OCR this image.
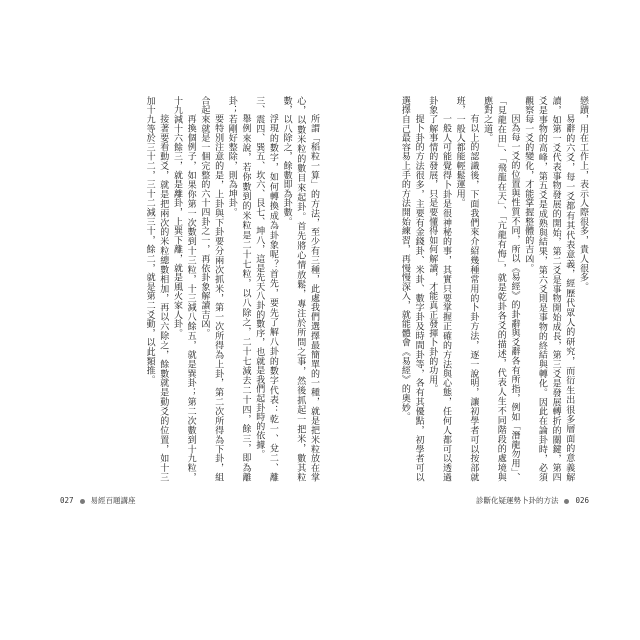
戀蹟，用在工作上，表示人際很多，貴人很多。

易辭的六爻，每一爻都有其代表意義，經歷代眾人的研究，而衍生出很多層面的意義解讀，如第一爻代表事物發展的開始，第二爻是事物開始成長，第三爻是發展轉折的關鍵，第四爻是事物的高峰，第五爻是成熟與結果，第六爻則是事物的終結與轉化。因此在論卦時，必須觀察每一爻的變化，才能掌握整體的吉凶。

因為每一爻的位置與性質不同，所以《易經》的卦辭與爻辭各有所指，例如「潛龍勿用」、「見龍在田」、「飛龍在天」、「亢龍有悔」，就是乾卦各爻的描述，代表人生不同階段的處境與應對之道。

有以上的認識後，下面我們來介紹幾種常用的卜卦方法，逐一說明，讓初學者可以按部就班，一般人都能輕鬆運用。

一般人可能覺得卜卦是很神秘的事，其實只要掌握正確的方法與心態，任何人都可以透過卦象了解事情的發展，只是要懂得如何解讀，才能真正發揮卜卦的功用。

提卜卦的方法很多，主要有金錢卦、米卦、數字卦及時間卦等，各有其優點，初學者可以選擇自己最容易上手的方法開始練習，再慢慢深入，就能體會《易經》的奧妙。

診斷化疑運勢卜卦的方法 026

所謂「稻粒一算」的方法，至少有三種，此處我們選擇最簡單的一種，就是把米粒放在掌心，以數米粒的數目來起卦。首先將心情放鬆，專注於所問之事，然後抓起一把米，數其粒數，以八除之，餘數即為卦數。

浮現的數字，如何轉換成為卦象呢？首先，要先了解八卦的數字代表：乾一、兌二、離三、震四、巽五、坎六、艮七、坤八，這是先天八卦的數序，也就是我們起卦時的依據。

舉例來說，若你數到的米粒是二十七粒，以八除之，二十七減去二十四，餘三，即為離卦；若剛好整除，則為坤卦。

要特別注意的是，上卦與下卦要分兩次抓米，第一次所得為上卦，第二次所得為下卦，組合起來就是一個完整的六十四卦之一，再依卦象解讀吉凶。

再換個例子，如果你第一次數到十三粒，十三減八餘五，就是巽卦；第二次數到十九粒，十九減十六餘三，就是離卦，上巽下離，就是風火家人卦。

接著要看動爻，就是把兩次的米粒總數相加，再以六除之，餘數就是動爻的位置，如十三加十九等於三十二，三十二減三十，餘二，就是第二爻動，以此類推。

027 易經百題講座
